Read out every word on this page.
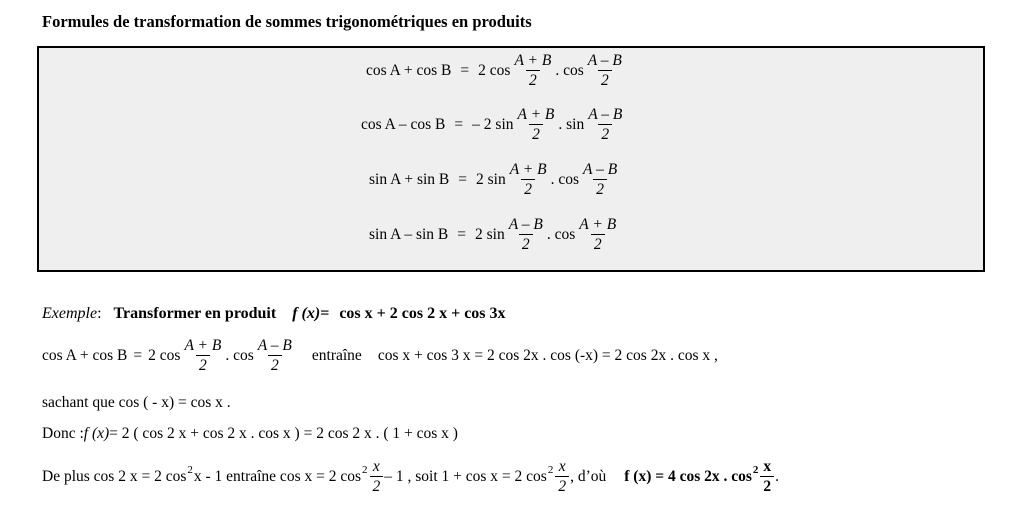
Formules de transformation de sommes trigonométriques en produits
cos A + cos B = 2 $\cos \frac{A + B}{2}$ . $\cos \frac{A - B}{2}$
cos A – cos B = – 2 $\sin \frac{A + B}{2}$ . $\sin \frac{A - B}{2}$
sin A + sin B = 2 $\sin \frac{A + B}{2}$ . $\cos \frac{A - B}{2}$
sin A – sin B = 2 $\sin \frac{A - B}{2}$ . $\cos \frac{A + B}{2}$
Exemple : Transformer en produit f (x) = cos x + 2 cos 2 x + cos 3x
cos A + cos B = 2 $\cos \frac{A + B}{2}$ . $\cos \frac{A - B}{2}$ entraîne cos x + cos 3 x = 2 cos 2x . cos (-x) = 2 cos 2x . cos x ,
sachant que cos ( - x) = cos x .
Donc : f (x) = 2 ( cos 2 x + cos 2 x . cos x ) = 2 cos 2 x . ( 1 + cos x )
De plus cos 2 x = 2 cos 2 x - 1 entraîne cos x = 2 $\cos 2 \frac{x}{2} - 1$ , soit 1 + cos x = 2 $\cos 2 \frac{x}{2}$ , d’où f (x) = 4 cos 2x . $\cos 2 \frac{x}{2}$ .
